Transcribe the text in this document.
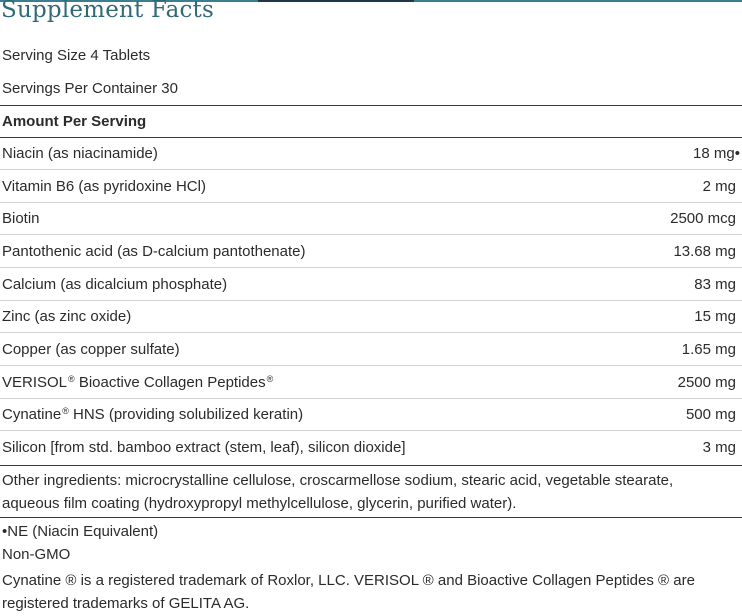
Supplement Facts
Serving Size 4 Tablets
Servings Per Container 30
Amount Per Serving
Niacin (as niacinamide)	18 mg•
Vitamin B6 (as pyridoxine HCl)	2 mg
Biotin	2500 mcg
Pantothenic acid (as D-calcium pantothenate)	13.68 mg
Calcium (as dicalcium phosphate)	83 mg
Zinc (as zinc oxide)	15 mg
Copper (as copper sulfate)	1.65 mg
VERISOL® Bioactive Collagen Peptides®	2500 mg
Cynatine® HNS (providing solubilized keratin)	500 mg
Silicon [from std. bamboo extract (stem, leaf), silicon dioxide]	3 mg
Other ingredients: microcrystalline cellulose, croscarmellose sodium, stearic acid, vegetable stearate, aqueous film coating (hydroxypropyl methylcellulose, glycerin, purified water).
•NE (Niacin Equivalent)
Non-GMO
Cynatine ® is a registered trademark of Roxlor, LLC. VERISOL ® and Bioactive Collagen Peptides ® are registered trademarks of GELITA AG.
